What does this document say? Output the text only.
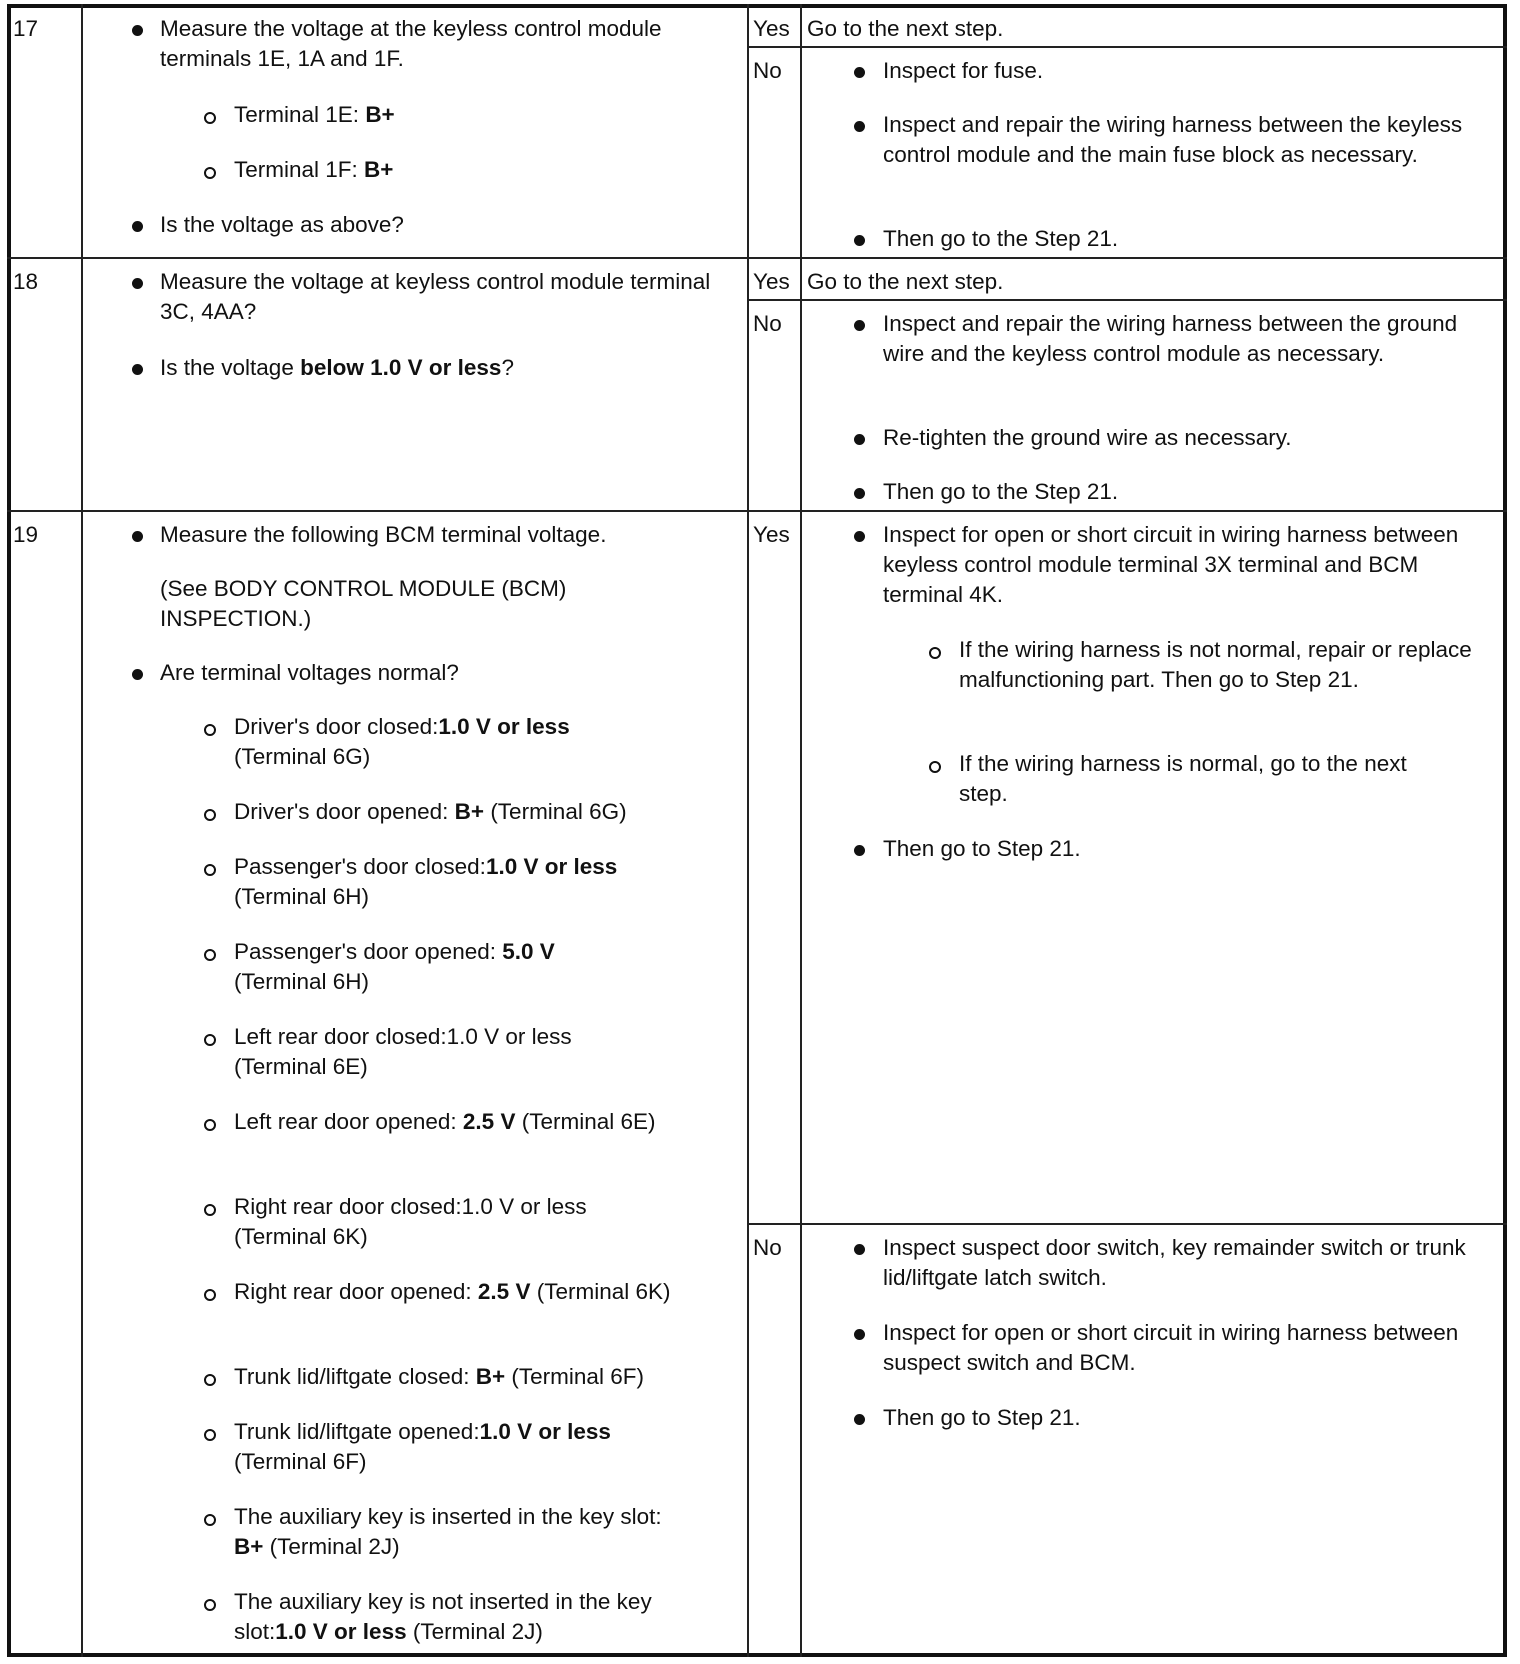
17	Measure the voltage at the keyless control module terminals 1E, 1A and 1F.
Terminal 1E: B+
Terminal 1F: B+
Is the voltage as above?
Yes Go to the next step.
No	Inspect for fuse.
Inspect and repair the wiring harness between the keyless control module and the main fuse block as necessary.
Then go to the Step 21.
18	Measure the voltage at keyless control module terminal 3C, 4AA?
Is the voltage below 1.0 V or less?
Yes Go to the next step.
No	Inspect and repair the wiring harness between the ground wire and the keyless control module as necessary.
Re-tighten the ground wire as necessary.
Then go to the Step 21.
19	Measure the following BCM terminal voltage.
(See BODY CONTROL MODULE (BCM) INSPECTION.)
Are terminal voltages normal?
Driver's door closed:1.0 V or less (Terminal 6G)
Driver's door opened: B+ (Terminal 6G)
Passenger's door closed:1.0 V or less (Terminal 6H)
Passenger's door opened: 5.0 V (Terminal 6H)
Left rear door closed:1.0 V or less (Terminal 6E)
Left rear door opened: 2.5 V (Terminal 6E)
Right rear door closed:1.0 V or less (Terminal 6K)
Right rear door opened: 2.5 V (Terminal 6K)
Trunk lid/liftgate closed: B+ (Terminal 6F)
Trunk lid/liftgate opened:1.0 V or less (Terminal 6F)
The auxiliary key is inserted in the key slot: B+ (Terminal 2J)
The auxiliary key is not inserted in the key slot:1.0 V or less (Terminal 2J)
Yes	Inspect for open or short circuit in wiring harness between keyless control module terminal 3X terminal and BCM terminal 4K.
If the wiring harness is not normal, repair or replace malfunctioning part. Then go to Step 21.
If the wiring harness is normal, go to the next step.
Then go to Step 21.
No	Inspect suspect door switch, key remainder switch or trunk lid/liftgate latch switch.
Inspect for open or short circuit in wiring harness between suspect switch and BCM.
Then go to Step 21.
